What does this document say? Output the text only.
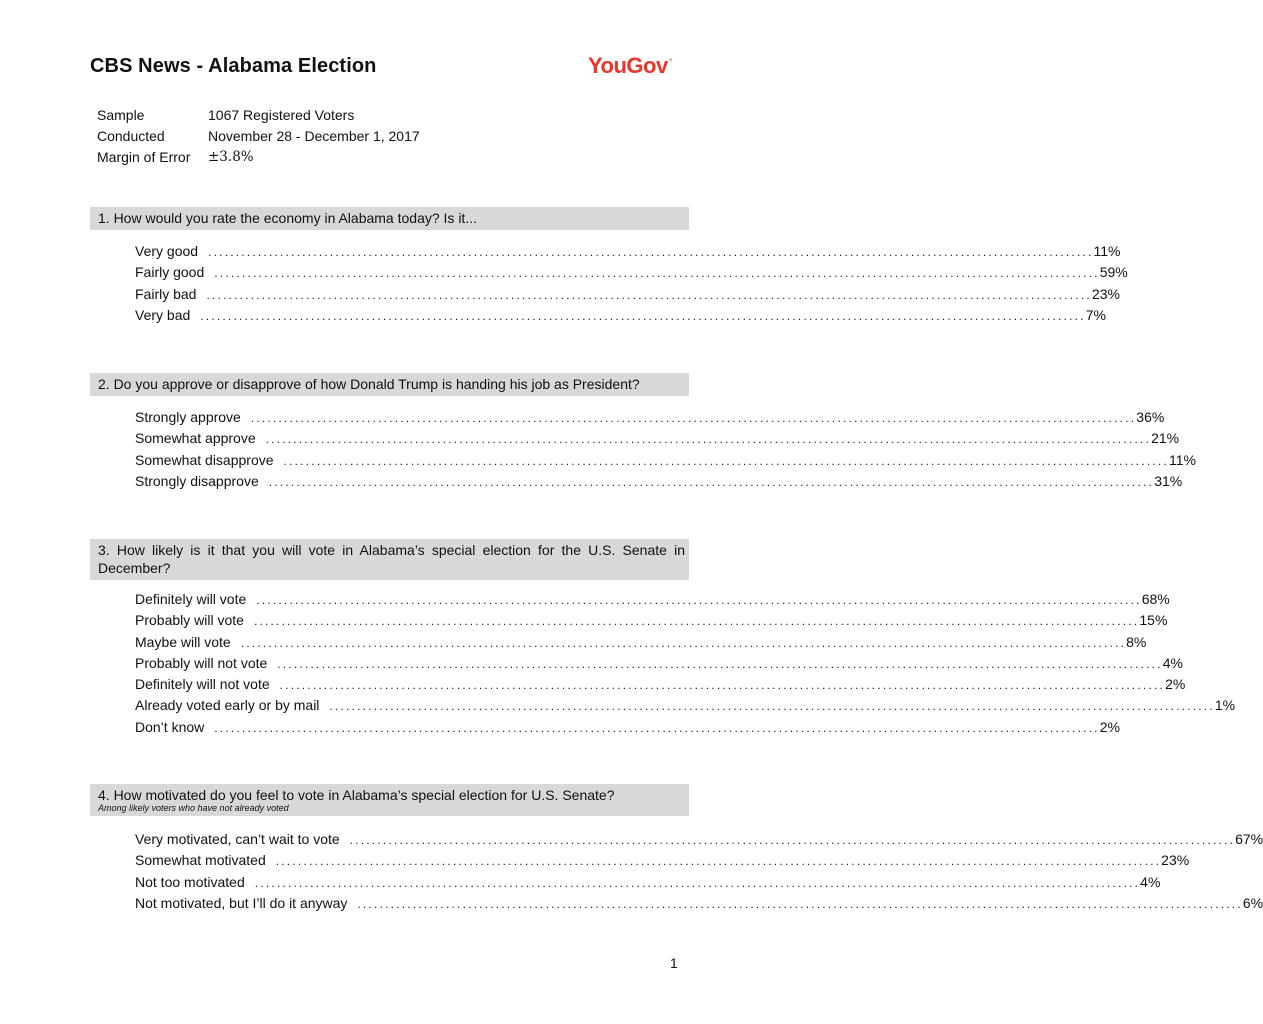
CBS News - Alabama Election	YouGov°
Sample	1067 Registered Voters
Conducted	November 28 - December 1, 2017
Margin of Error	±3.8%
1. How would you rate the economy in Alabama today? Is it...
Very good ................................................................................................................................................................ 11%
Fairly good ................................................................................................................................................................ 59%
Fairly bad ................................................................................................................................................................ 23%
Very bad ................................................................................................................................................................ 7%
2. Do you approve or disapprove of how Donald Trump is handing his job as President?
Strongly approve ................................................................................................................................................................ 36%
Somewhat approve ................................................................................................................................................................ 21%
Somewhat disapprove ................................................................................................................................................................ 11%
Strongly disapprove ................................................................................................................................................................ 31%
3. How likely is it that you will vote in Alabama’s special election for the U.S. Senate in December?
Definitely will vote ................................................................................................................................................................ 68%
Probably will vote ................................................................................................................................................................ 15%
Maybe will vote ................................................................................................................................................................ 8%
Probably will not vote ................................................................................................................................................................ 4%
Definitely will not vote ................................................................................................................................................................ 2%
Already voted early or by mail ................................................................................................................................................................ 1%
Don’t know ................................................................................................................................................................ 2%
4. How motivated do you feel to vote in Alabama’s special election for U.S. Senate?
Among likely voters who have not already voted
Very motivated, can’t wait to vote ................................................................................................................................................................ 67%
Somewhat motivated ................................................................................................................................................................ 23%
Not too motivated ................................................................................................................................................................ 4%
Not motivated, but I’ll do it anyway ................................................................................................................................................................ 6%
1
